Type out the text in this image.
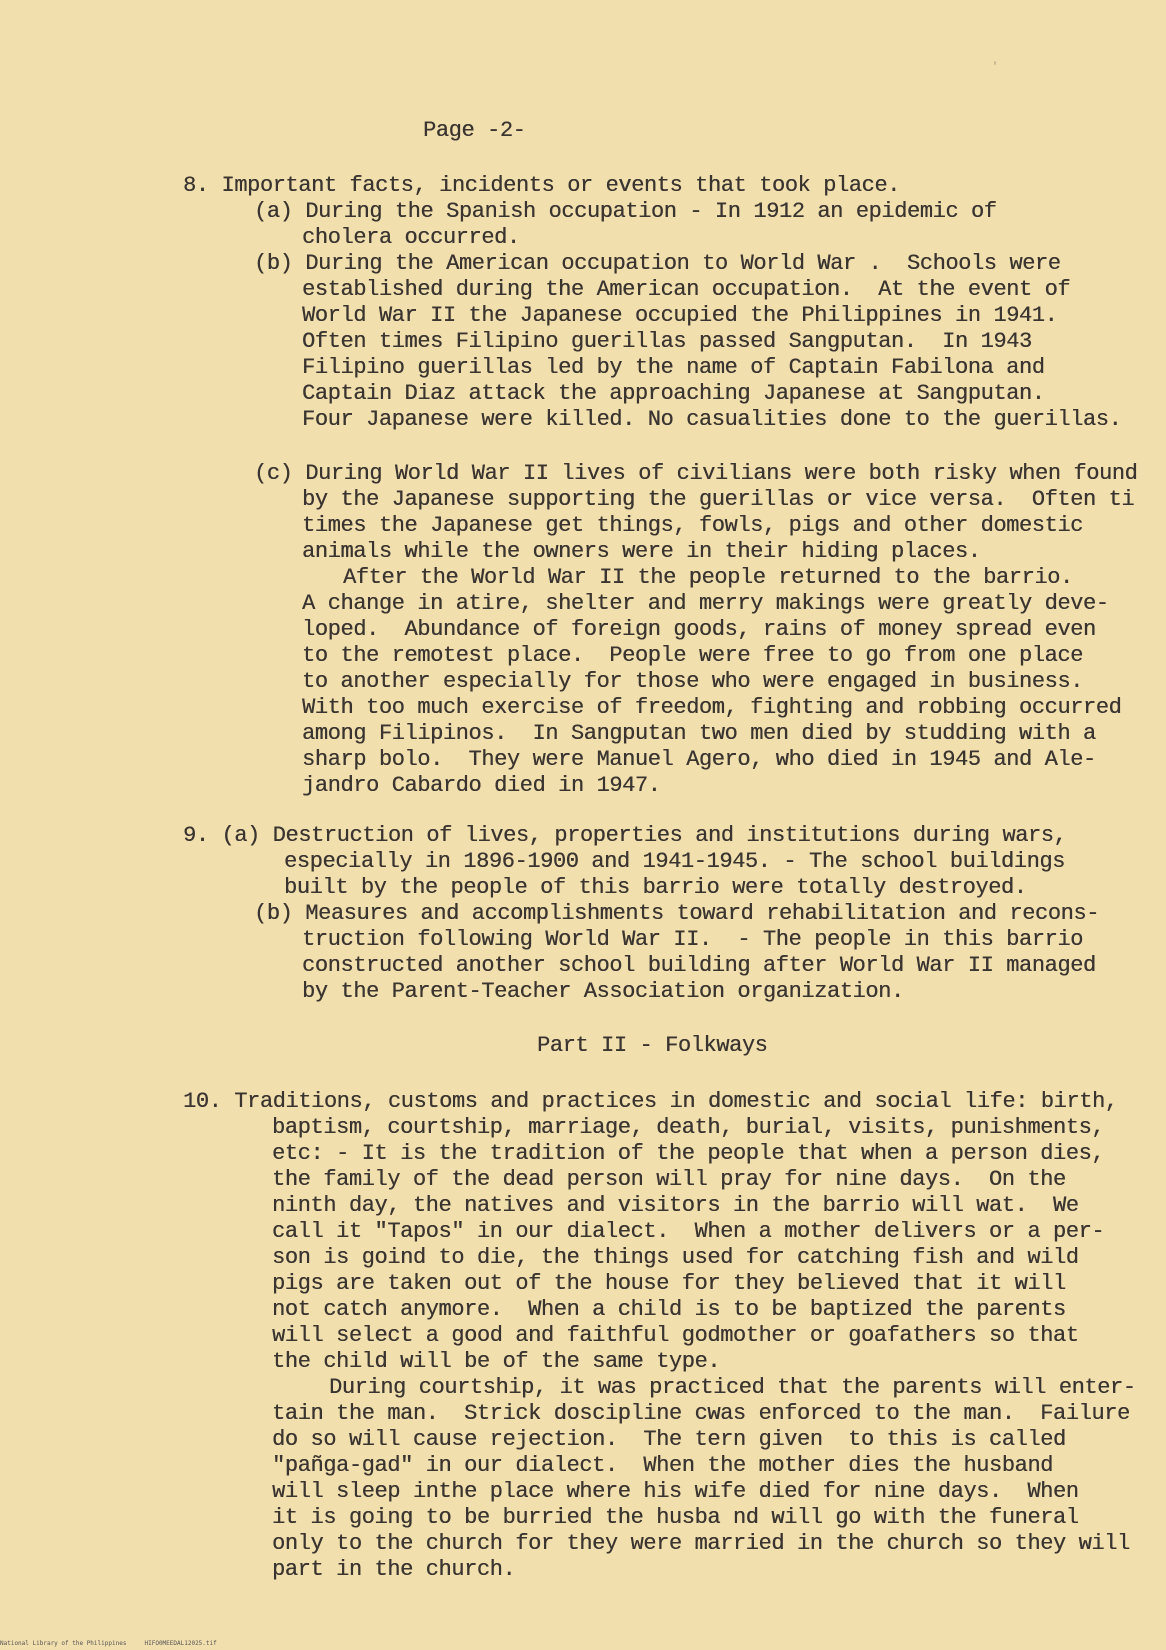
′
Page -2-
8. Important facts, incidents or events that took place.
(a) During the Spanish occupation - In 1912 an epidemic of
cholera occurred.
(b) During the American occupation to World War .  Schools were
established during the American occupation.  At the event of
World War II the Japanese occupied the Philippines in 1941.
Often times Filipino guerillas passed Sangputan.  In 1943
Filipino guerillas led by the name of Captain Fabilona and
Captain Diaz attack the approaching Japanese at Sangputan.
Four Japanese were killed. No casualities done to the guerillas.
(c) During World War II lives of civilians were both risky when found
by the Japanese supporting the guerillas or vice versa.  Often ti
times the Japanese get things, fowls, pigs and other domestic
animals while the owners were in their hiding places.
After the World War II the people returned to the barrio.
A change in atire, shelter and merry makings were greatly deve-
loped.  Abundance of foreign goods, rains of money spread even
to the remotest place.  People were free to go from one place
to another especially for those who were engaged in business.
With too much exercise of freedom, fighting and robbing occurred
among Filipinos.  In Sangputan two men died by studding with a
sharp bolo.  They were Manuel Agero, who died in 1945 and Ale-
jandro Cabardo died in 1947.
9. (a) Destruction of lives, properties and institutions during wars,
especially in 1896-1900 and 1941-1945. - The school buildings
built by the people of this barrio were totally destroyed.
(b) Measures and accomplishments toward rehabilitation and recons-
truction following World War II.  - The people in this barrio
constructed another school building after World War II managed
by the Parent-Teacher Association organization.
Part II - Folkways
10. Traditions, customs and practices in domestic and social life: birth,
baptism, courtship, marriage, death, burial, visits, punishments,
etc: - It is the tradition of the people that when a person dies,
the family of the dead person will pray for nine days.  On the
ninth day, the natives and visitors in the barrio will wat.  We
call it "Tapos" in our dialect.  When a mother delivers or a per-
son is goind to die, the things used for catching fish and wild
pigs are taken out of the house for they believed that it will
not catch anymore.  When a child is to be baptized the parents
will select a good and faithful godmother or goafathers so that
the child will be of the same type.
During courtship, it was practiced that the parents will enter-
tain the man.  Strick doscipline cwas enforced to the man.  Failure
do so will cause rejection.  The tern given  to this is called
"pañga-gad" in our dialect.  When the mother dies the husband
will sleep inthe place where his wife died for nine days.  When
it is going to be burried the husba nd will go with the funeral
only to the church for they were married in the church so they will
part in the church.
National Library of the Philippines     HIFO0MEEDAL12025.tif
